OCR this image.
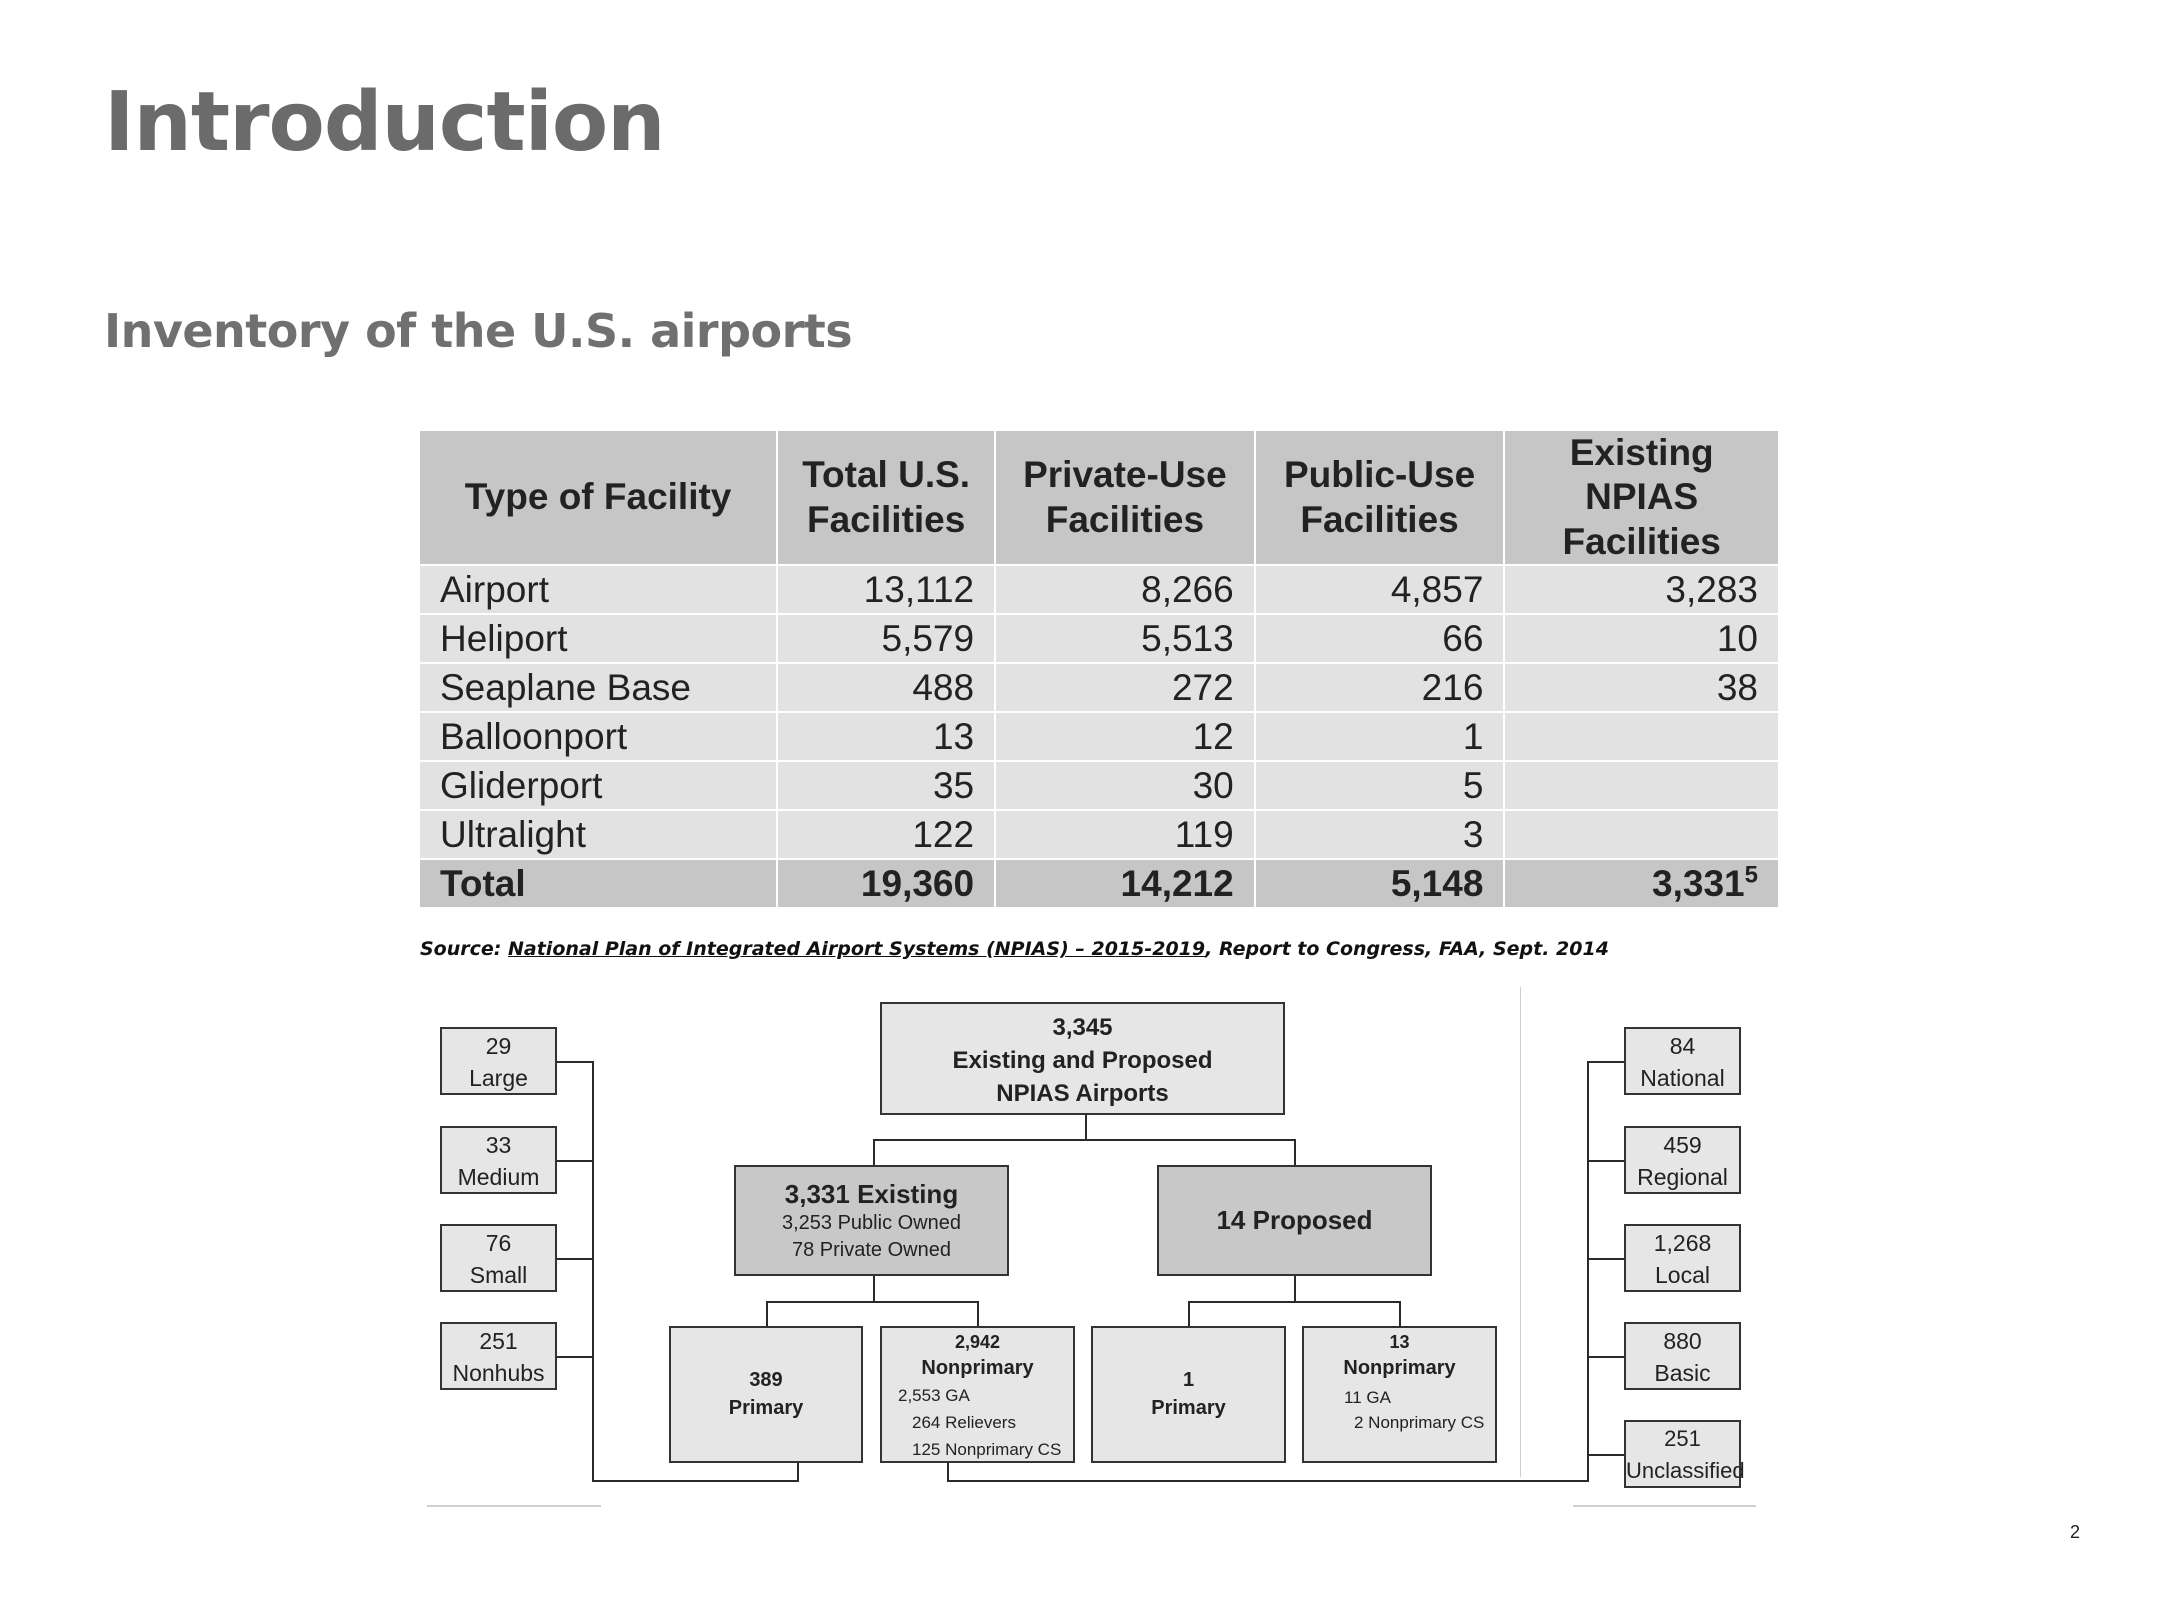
Introduction
Inventory of the U.S. airports
Type of Facility	Total U.S. Facilities	Private-Use Facilities	Public-Use Facilities	Existing NPIAS Facilities
Airport	13,112	8,266	4,857	3,283
Heliport	5,579	5,513	66	10
Seaplane Base	488	272	216	38
Balloonport	13	12	1	
Gliderport	35	30	5	
Ultralight	122	119	3	
Total	19,360	14,212	5,148	3,331$^5$
Source: National Plan of Integrated Airport Systems (NPIAS) – 2015-2019, Report to Congress, FAA, Sept. 2014
3,345
Existing and Proposed
NPIAS Airports
3,331 Existing
3,253 Public Owned
78 Private Owned
14 Proposed
389
Primary
2,942
Nonprimary
2,553 GA
264 Relievers
125 Nonprimary CS
1
Primary
13
Nonprimary
11 GA
2 Nonprimary CS
29
Large
33
Medium
76
Small
251
Nonhubs
84
National
459
Regional
1,268
Local
880
Basic
251
Unclassified
2
